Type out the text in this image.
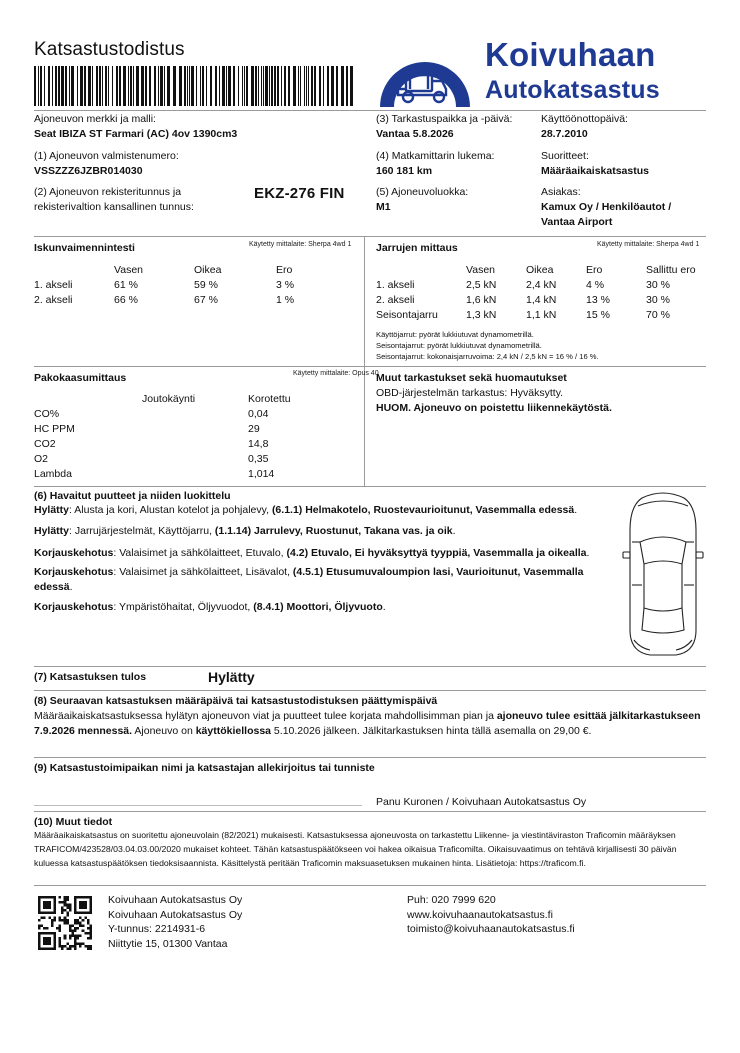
Katsastustodistus	Koivuhaan
Autokatsastus
Ajoneuvon merkki ja malli:
Seat IBIZA ST Farmari (AC) 4ov 1390cm3
(1) Ajoneuvon valmistenumero:
VSSZZZ6JZBR014030
(2) Ajoneuvon rekisteritunnus ja
rekisterivaltion kansallinen tunnus:
EKZ-276 FIN
(3) Tarkastuspaikka ja -päivä:
Vantaa 5.8.2026
Käyttöönottopäivä:
28.7.2010
(4) Matkamittarin lukema:
160 181 km
Suoritteet:
Määräaikaiskatsastus
(5) Ajoneuvoluokka:
M1
Asiakas:
Kamux Oy / Henkilöautot /
Vantaa Airport
Iskunvaimennintesti	Käytetty mittalaite: Sherpa 4wd 1
	Vasen	Oikea	Ero
1. akseli	61 %	59 %	3 %
2. akseli	66 %	67 %	1 %
Jarrujen mittaus	Käytetty mittalaite: Sherpa 4wd 1
	Vasen	Oikea	Ero	Sallittu ero
1. akseli	2,5 kN	2,4 kN	4 %	30 %
2. akseli	1,6 kN	1,4 kN	13 %	30 %
Seisontajarru	1,3 kN	1,1 kN	15 %	70 %
Käyttöjarrut: pyörät lukkiutuvat dynamometrillä.
Seisontajarrut: pyörät lukkiutuvat dynamometrillä.
Seisontajarrut: kokonaisjarruvoima: 2,4 kN / 2,5 kN = 16 % / 16 %.
Pakokaasumittaus	Käytetty mittalaite: Opus 40
	Joutokäynti	Korotettu
CO%		0,04
HC PPM		29
CO2		14,8
O2		0,35
Lambda		1,014
Muut tarkastukset sekä huomautukset
OBD-järjestelmän tarkastus: Hyväksytty.
HUOM. Ajoneuvo on poistettu liikennekäytöstä.
(6) Havaitut puutteet ja niiden luokittelu
Hylätty: Alusta ja kori, Alustan kotelot ja pohjalevy, (6.1.1) Helmakotelo, Ruostevaurioitunut, Vasemmalla edessä.
Hylätty: Jarrujärjestelmät, Käyttöjarru, (1.1.14) Jarrulevy, Ruostunut, Takana vas. ja oik.
Korjauskehotus: Valaisimet ja sähkölaitteet, Etuvalo, (4.2) Etuvalo, Ei hyväksyttyä tyyppiä, Vasemmalla ja oikealla.
Korjauskehotus: Valaisimet ja sähkölaitteet, Lisävalot, (4.5.1) Etusumuvaloumpion lasi, Vaurioitunut, Vasemmalla edessä.
Korjauskehotus: Ympäristöhaitat, Öljyvuodot, (8.4.1) Moottori, Öljyvuoto.
(7) Katsastuksen tulos	Hylätty
(8) Seuraavan katsastuksen määräpäivä tai katsastustodistuksen päättymispäivä
Määräaikaiskatsastuksessa hylätyn ajoneuvon viat ja puutteet tulee korjata mahdollisimman pian ja ajoneuvo tulee esittää jälkitarkastukseen 7.9.2026 mennessä. Ajoneuvo on käyttökiellossa 5.10.2026 jälkeen. Jälkitarkastuksen hinta tällä asemalla on 29,00 €.
(9) Katsastustoimipaikan nimi ja katsastajan allekirjoitus tai tunniste
Panu Kuronen / Koivuhaan Autokatsastus Oy
(10) Muut tiedot
Määräaikaiskatsastus on suoritettu ajoneuvolain (82/2021) mukaisesti. Katsastuksessa ajoneuvosta on tarkastettu Liikenne- ja viestintäviraston Traficomin määräyksen TRAFICOM/423528/03.04.03.00/2020 mukaiset kohteet. Tähän katsastuspäätökseen voi hakea oikaisua Traficomilta. Oikaisuvaatimus on tehtävä kirjallisesti 30 päivän kuluessa katsastuspäätöksen tiedoksisaannista. Käsittelystä peritään Traficomin maksuasetuksen mukainen hinta. Lisätietoja: https://traficom.fi.
Koivuhaan Autokatsastus Oy
Koivuhaan Autokatsastus Oy
Y-tunnus: 2214931-6
Niittytie 15, 01300 Vantaa
Puh: 020 7999 620
www.koivuhaanautokatsastus.fi
toimisto@koivuhaanautokatsastus.fi
